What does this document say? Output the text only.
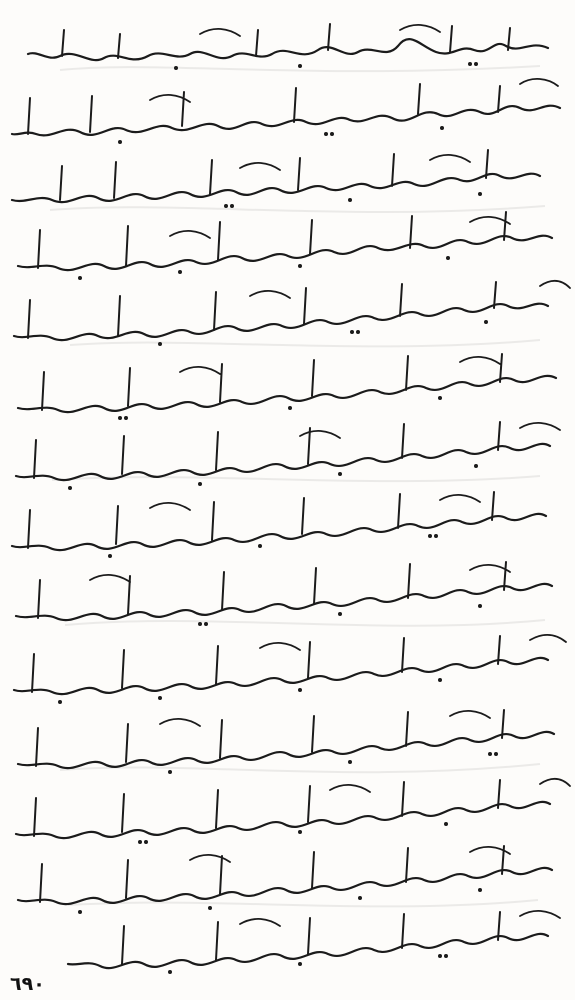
٦٩٠
